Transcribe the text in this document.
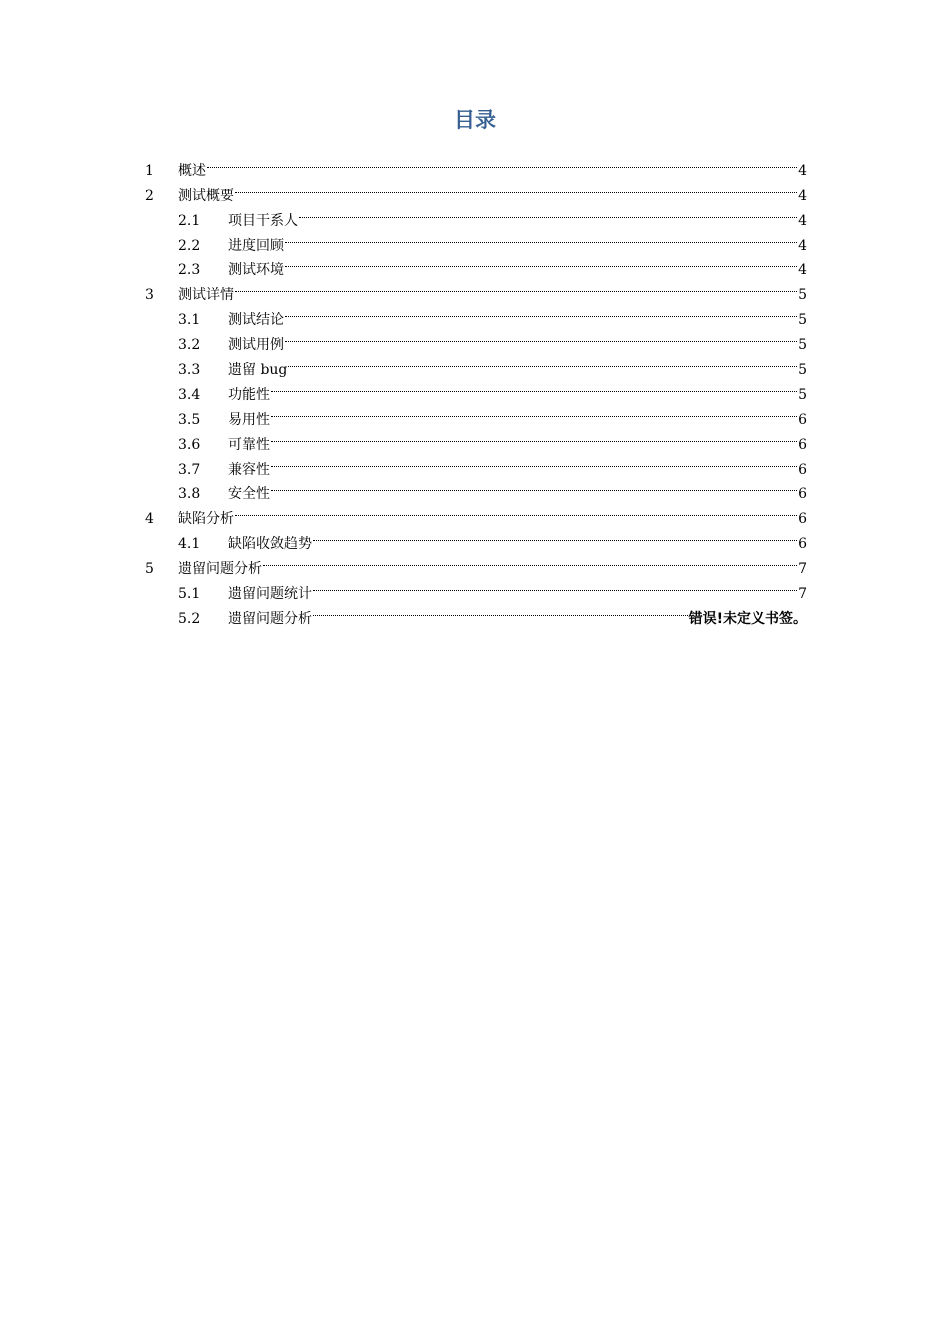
目录
1	概述	4
2	测试概要	4
2.1	项目干系人	4
2.2	进度回顾	4
2.3	测试环境	4
3	测试详情	5
3.1	测试结论	5
3.2	测试用例	5
3.3	遗留 bug	5
3.4	功能性	5
3.5	易用性	6
3.6	可靠性	6
3.7	兼容性	6
3.8	安全性	6
4	缺陷分析	6
4.1	缺陷收敛趋势	6
5	遗留问题分析	7
5.1	遗留问题统计	7
5.2	遗留问题分析	错误!未定义书签。
